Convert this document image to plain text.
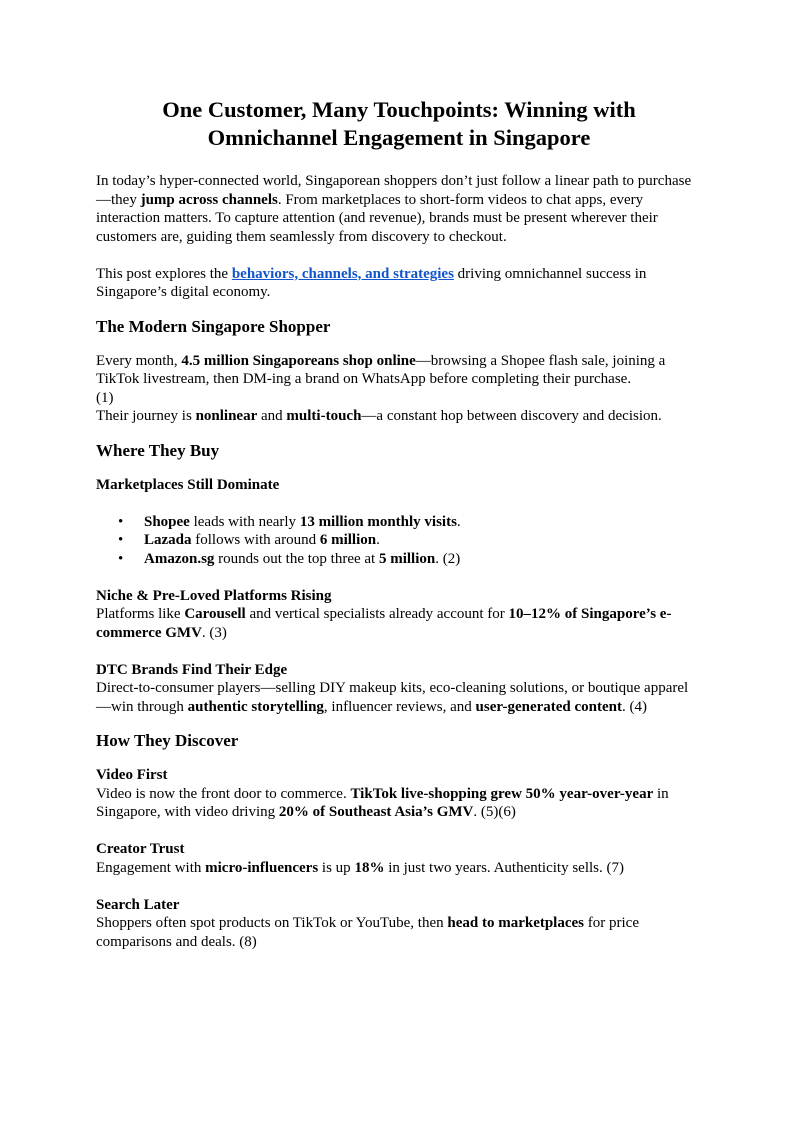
One Customer, Many Touchpoints: Winning with
Omnichannel Engagement in Singapore

In today’s hyper-connected world, Singaporean shoppers don’t just follow a linear path to purchase—they jump across channels. From marketplaces to short-form videos to chat apps, every interaction matters. To capture attention (and revenue), brands must be present wherever their customers are, guiding them seamlessly from discovery to checkout.

This post explores the behaviors, channels, and strategies driving omnichannel success in Singapore’s digital economy.

The Modern Singapore Shopper

Every month, 4.5 million Singaporeans shop online—browsing a Shopee flash sale, joining a TikTok livestream, then DM-ing a brand on WhatsApp before completing their purchase.
(1)
Their journey is nonlinear and multi-touch—a constant hop between discovery and decision.

Where They Buy
Marketplaces Still Dominate
• Shopee leads with nearly 13 million monthly visits.
• Lazada follows with around 6 million.
• Amazon.sg rounds out the top three at 5 million. (2)
Niche & Pre-Loved Platforms Rising

Platforms like Carousell and vertical specialists already account for 10–12% of Singapore’s e-commerce GMV. (3)

DTC Brands Find Their Edge

Direct-to-consumer players—selling DIY makeup kits, eco-cleaning solutions, or boutique apparel—win through authentic storytelling, influencer reviews, and user-generated content. (4)

How They Discover
Video First

Video is now the front door to commerce. TikTok live-shopping grew 50% year-over-year in Singapore, with video driving 20% of Southeast Asia’s GMV. (5)(6)

Creator Trust

Engagement with micro-influencers is up 18% in just two years. Authenticity sells. (7)

Search Later

Shoppers often spot products on TikTok or YouTube, then head to marketplaces for price comparisons and deals. (8)
